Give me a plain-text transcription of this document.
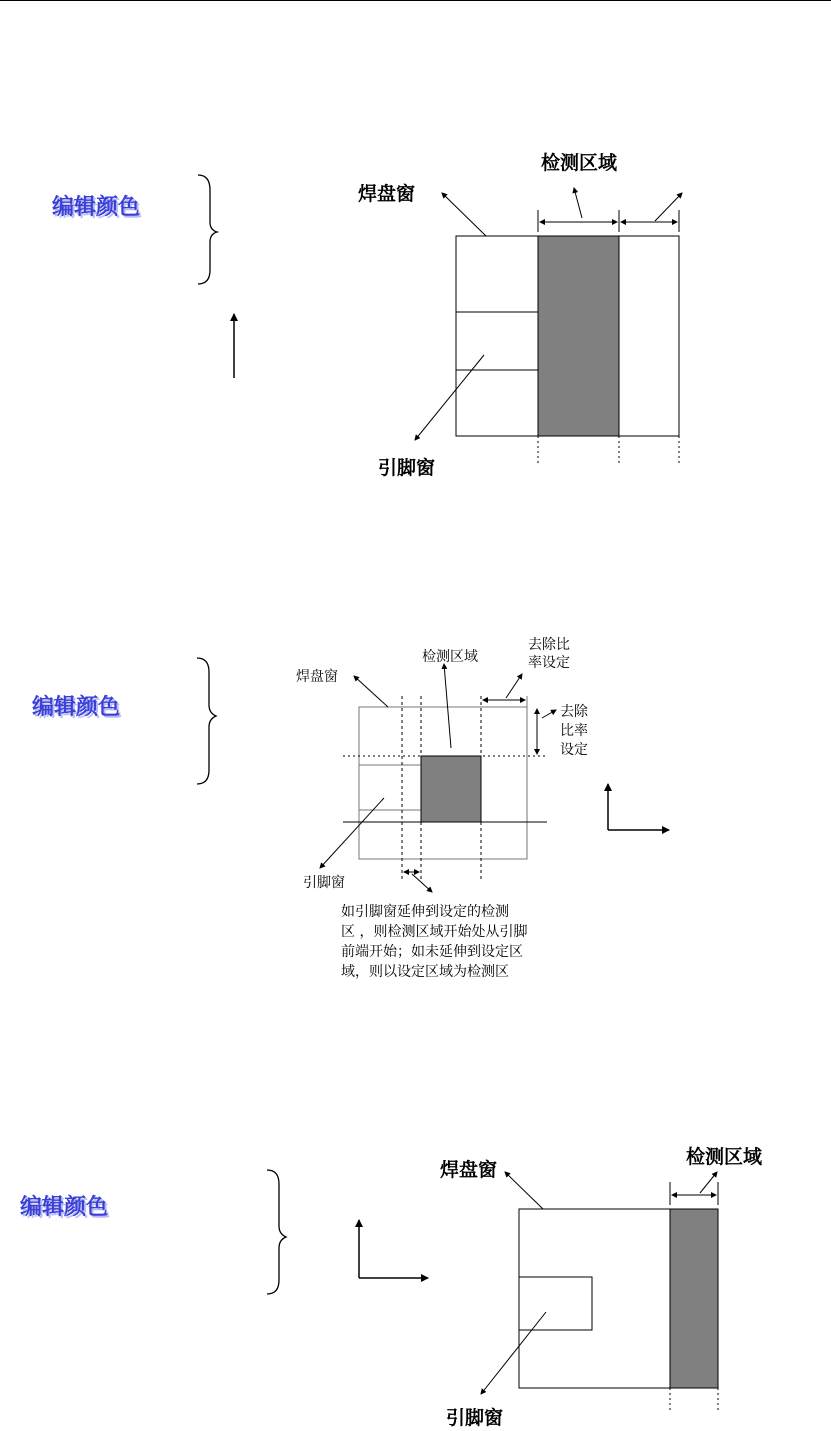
编辑颜色
编辑颜色
编辑颜色
检测区域
焊盘窗
引脚窗
检测区域
焊盘窗
引脚窗
去除比
率设定
去除
比率
设定
如引脚窗延伸到设定的检测
区 ，则检测区域开始处从引脚
前端开始；如未延伸到设定区
域，则以设定区域为检测区
检测区域
焊盘窗
引脚窗
